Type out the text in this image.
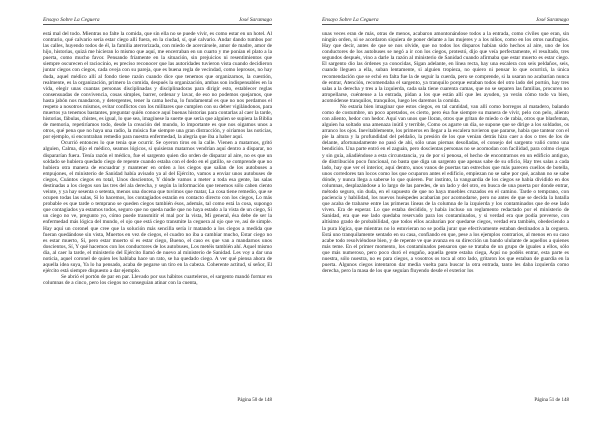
Ensayo Sobre La Ceguera	José Saramago

está mal del todo. Mientras no falte la comida, que sin ella no se puede vivir, es como estar en un hotel. Al contrario, qué calvario sería estar ciego allí fuera, en la ciudad, sí, qué calvario. Andar dando tumbos por las calles, huyendo todos de él, la familia aterrorizada, con miedo de acercársele, amor de madre, amor de hijo, historias, quizá me hicieran lo mismo que aquí, me encerraban en un cuarto y me ponían el plato a la puerta, como mucho favor. Pensando fríamente en la situación, sin prejuicios ni resentimientos que siempre oscurecen el raciocinio, es preciso reconocer que las autoridades tuvieron vista cuando decidieron juntar ciegos con ciegos, cada oveja con su pareja, que es buena regla de vecindad, como leprosos, no hay duda, aquel médico allí al fondo tiene razón cuando dice que tenemos que organizarnos, la cuestión, realmente, es la organización, primero la comida, después la organización, ambas son indispensables en la vida, elegir unas cuantas personas disciplinadas y disciplinadoras para dirigir esto, establecer reglas consensuadas de convivencia, cosas simples, barrer, ordenar y lavar, de eso no podemos quejarnos, que hasta jabón nos mandaron, y detergentes, tener la cama hecha, lo fundamental es que no nos perdamos el respeto a nosotros mismos, evitar conflictos con los militares que cumplen con su deber vigilándonos, para muertos ya tenemos bastantes, preguntar quién conoce aquí buenas historias para contarlas al caer la tarde, historias, fábulas, chistes, es igual, lo que sea, imagínese la suerte que sería que alguien se supiera la Biblia de memoria, repetiríamos todo, desde la creación del mundo, lo importante es que nos oigamos unos a otros, qué pena que no haya una radio, la música fue siempre una gran distracción, y oiríamos las noticias, por ejemplo, si encontraban remedio para nuestra enfermedad, la alegría que iba a haber aquí.

Ocurrió entonces lo que tenía que ocurrir. Se oyeron tiros en la calle. Vienen a matarnos, gritó alguien, Calma, dijo el médico, seamos lógicos, si quisieran matarnos vendrían aquí dentro a disparar, no dispararían fuera. Tenía razón el médico, fue el sargento quien dio orden de disparar al aire, no es que un soldado se hubiera quedado ciego de repente cuando estaba con el dedo en el gatillo, se comprende que no hubiera otra manera de encuadrar y mantener en orden a los ciegos que salían de los autobuses a empujones, el ministerio de Sanidad había avisado ya al del Ejército, vamos a enviar unos autobuses de ciegos, Cuántos ciegos en total, Unos doscientos, Y dónde vamos a meter a toda esa gente, las salas destinadas a los ciegos son las tres del ala derecha, y según la información que tenemos sólo caben ciento veinte, y ya hay sesenta o setenta, menos una docena que tuvimos que matar, La cosa tiene remedio, que se ocupen todas las salas, Si lo hacemos, los contagiados estarán en contacto directo con los ciegos, Lo más probable es que tarde o temprano se queden ciegos también ésos, además, tal como está la cosa, supongo que contagiados ya estamos todos, seguro que no queda nadie que no haya estado a la vista de un ciego, Si un ciego no ve, pregunto yo, cómo puede transmitir el mal por la vista, Mi general, ésa debe de ser la enfermedad más lógica del mundo, el ojo que está ciego transmite la ceguera al ojo que ve, así de simple. Hay aquí un coronel que cree que la solución más sencilla sería ir matando a los ciegos a medida que fueran quedándose sin vista, Muertos en vez de ciegos, el cuadro no iba a cambiar mucho, Estar ciego no es estar muerto, Sí, pero estar muerto sí es estar ciego, Bueno, el caso es que van a mandarnos unos doscientos, Sí, Y qué hacemos con los conductores de los autobuses, Los metéis también ahí. Aquel mismo día, al caer la tarde, el ministerio del Ejército llamó de nuevo al ministerio de Sanidad. Les voy a dar una noticia, aquel coronel de quien les hablaba hace un rato, se ha quedado ciego. A ver qué piensa ahora de aquella idea suya, Ya lo ha pensado, acaba de pegarse un tiro en la cabeza. Coherente actitud, sí señor, El ejército está siempre dispuesto a dar ejemplo.

Se abrió el portón de par en par. Llevado por sus hábitos cuarteleros, el sargento mandó formar en columnas de a cinco, pero los ciegos no conseguían atinar con la cuenta,

Página 50 de 148
Ensayo Sobre La Ceguera	José Saramago

unas veces eran de más, otras de menos, acabaron amontonándose todos a la entrada, como civiles que eran, sin ningún orden, ni se acordaron siquiera de poner delante a las mujeres y a los niños, como en los otros naufragios. Hay que decir, antes de que se nos olvide, que no todos los disparos habían sido hechos al aire, uno de los conductores de los autobuses se negó a ir con los ciegos, protestó, dijo que veía perfectamente, el resultado, tres segundos después, vino a darle la razón al ministerio de Sanidad cuando afirmaba que estar muerto es estar ciego. El sargento dio las órdenes ya conocidas, Sigan adelante, en línea recta, hay una escalera con seis peldaños, seis, cuando lleguen a ella, suban lentamente, si alguien tropieza, no quiero ni pensar lo que ocurrirá, la única recomendación que se echó en falta fue la de seguir la cuerda, pero se comprende, si la usaran no acabarían nunca de entrar, Atención, recomendaba el sargento, ya tranquilo porque estaban todos del otro lado del portón, hay tres salas a la derecha y tres a la izquierda, cada sala tiene cuarenta camas, que no se separen las familias, procuren no atropellarse, cuéntense a la entrada, pidan a los que están allí que les ayuden, ya verán cómo todo va bien, acomódense tranquilos, tranquilos, luego les daremos la comida.

No estaría bien imaginar que estos ciegos, en tal cantidad, van allí como borregos al matadero, balando como de costumbre, un poco apretados, es cierto, pero ésa fue siempre su manera de vivir, pelo con pelo, aliento con aliento, hedor con hedor. Aquí van unos que lloran, otros que gritan de miedo o de rabia, otros que blasfeman, alguien ha soltado una amenaza inútil y terrible, Como os agarre un día, se supone que se dirige a los soldados, os arranco los ojos. Inevitablemente, los primeros en llegar a la escalera tuvieron que pararse, había que tantear con el pie la altura y la profundidad del peldaño, la presión de los que venían detrás hizo caer a dos o tres de los de delante, afortunadamente no pasó de ahí, sólo unas piernas desolladas, el consejo del sargento valió como una bendición. Una parte entró en el zaguán, pero doscientas personas no se acomodan con facilidad, para colmo ciegas y sin guía, añadiéndose a esta circunstancia, ya de por sí penosa, el hecho de encontrarnos en un edificio antiguo, de distribución poco funcional, no basta que diga un sargento que apenas sabe de su oficio, Hay tres salas a cada lado, hay que ver el interior, aquí dentro, unos vanos de puertas tan estrechos que más parecen cuellos de botella, unos corredores tan locos como los que ocuparon antes el edificio, empiezan no se sabe por qué, acaban no se sabe dónde, y nunca llega a saberse lo que quieren. Por instinto, la vanguardia de los ciegos se había dividido en dos columnas, desplazándose a lo largo de las paredes, de un lado y del otro, en busca de una puerta por donde entrar, método seguro, sin duda, en el supuesto de que no haya muebles cruzados en el camino. Tarde o temprano, con paciencia y habilidad, los nuevos huéspedes acabarían por acomodarse, pero no antes de que se decida la batalla que acaba de trabarse entre las primeras líneas de la columna de la izquierda y los contaminados que de ese lado viven. Era de esperar. Lo que estaba decidido, y había incluso un reglamento redactado por el ministerio de Sanidad, era que ese lado quedaba reservado para los contaminados, y si verdad era que podía preverse, con altísimo grado de probabilidad, que todos ellos acabarían por quedarse ciegos, verdad era también, obedeciendo a la pura lógica, que mientras no lo estuvieran no se podía jurar que efectivamente estaban destinados a la ceguera. Está uno tranquilamente sentado en su casa, confiando en que, pese a los ejemplos contrarios, al menos en su caso acabe todo resolviéndose bien, y de repente ve que avanza en su dirección un bando ululante de aquellos a quienes más teme. En el primer momento, los contaminados pensaron que se trataba de un grupo de iguales a ellos, sólo que más numeroso, pero poco duró el engaño, aquella gente estaba ciega, Aquí no podéis entrar, esta parte es nuestra, sólo nuestra, no es para ciegos, a vosotros os toca al otro lado, gritaron los que estaban de guardia en la puerta. Algunos ciegos intentaron dar media vuelta para buscar la otra entrada, tanto les daba izquierda como derecha, pero la masa de los que seguían fluyendo desde el exterior los

Página 51 de 148
